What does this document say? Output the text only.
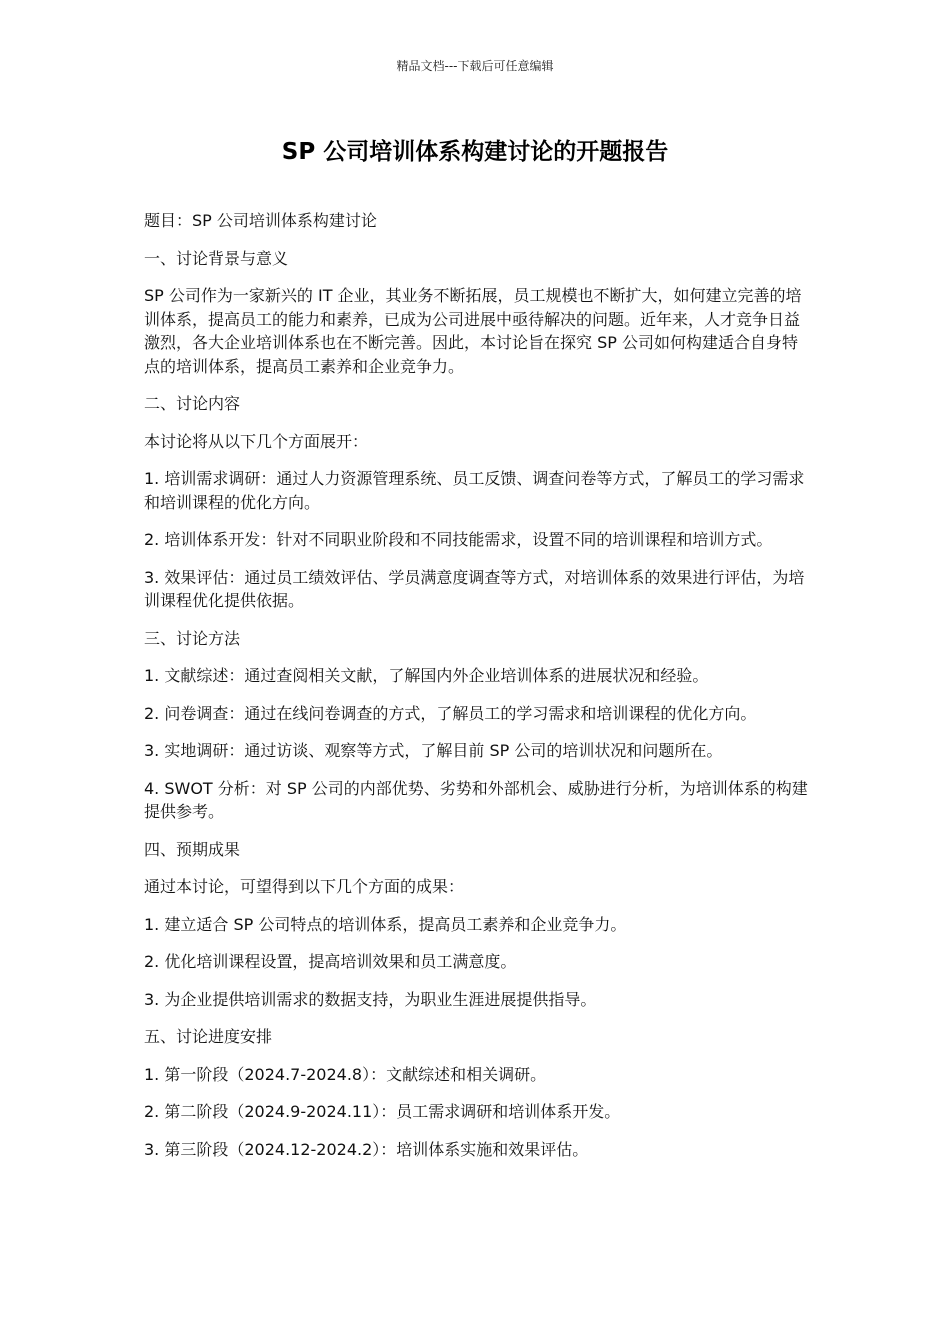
精品文档---下载后可任意编辑
SP 公司培训体系构建讨论的开题报告

题目：SP 公司培训体系构建讨论

一、讨论背景与意义

SP 公司作为一家新兴的 IT 企业，其业务不断拓展，员工规模也不断扩大，如何建立完善的培训体系，提高员工的能力和素养，已成为公司进展中亟待解决的问题。近年来，人才竞争日益激烈，各大企业培训体系也在不断完善。因此，本讨论旨在探究 SP 公司如何构建适合自身特点的培训体系，提高员工素养和企业竞争力。

二、讨论内容

本讨论将从以下几个方面展开：

1. 培训需求调研：通过人力资源管理系统、员工反馈、调查问卷等方式，了解员工的学习需求和培训课程的优化方向。

2. 培训体系开发：针对不同职业阶段和不同技能需求，设置不同的培训课程和培训方式。

3. 效果评估：通过员工绩效评估、学员满意度调查等方式，对培训体系的效果进行评估，为培训课程优化提供依据。

三、讨论方法

1. 文献综述：通过查阅相关文献，了解国内外企业培训体系的进展状况和经验。

2. 问卷调查：通过在线问卷调查的方式，了解员工的学习需求和培训课程的优化方向。

3. 实地调研：通过访谈、观察等方式，了解目前 SP 公司的培训状况和问题所在。

4. SWOT 分析：对 SP 公司的内部优势、劣势和外部机会、威胁进行分析，为培训体系的构建提供参考。

四、预期成果

通过本讨论，可望得到以下几个方面的成果：

1. 建立适合 SP 公司特点的培训体系，提高员工素养和企业竞争力。

2. 优化培训课程设置，提高培训效果和员工满意度。

3. 为企业提供培训需求的数据支持，为职业生涯进展提供指导。

五、讨论进度安排

1. 第一阶段（2024.7-2024.8）：文献综述和相关调研。

2. 第二阶段（2024.9-2024.11）：员工需求调研和培训体系开发。

3. 第三阶段（2024.12-2024.2）：培训体系实施和效果评估。
